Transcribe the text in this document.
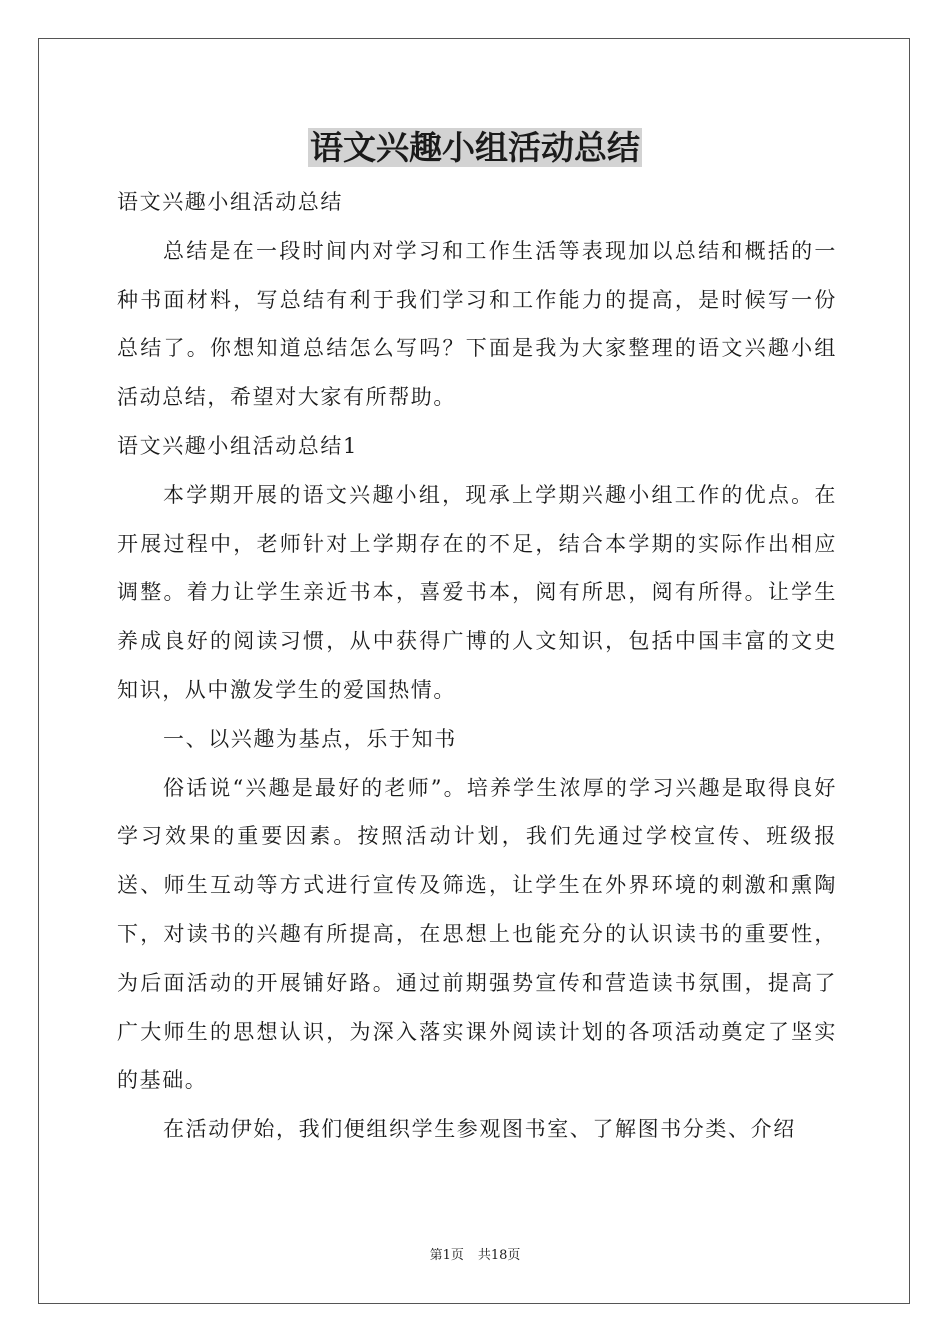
语文兴趣小组活动总结

语文兴趣小组活动总结

总结是在一段时间内对学习和工作生活等表现加以总结和概括的一种书面材料，写总结有利于我们学习和工作能力的提高，是时候写一份总结了。你想知道总结怎么写吗？下面是我为大家整理的语文兴趣小组活动总结，希望对大家有所帮助。

语文兴趣小组活动总结1

本学期开展的语文兴趣小组，现承上学期兴趣小组工作的优点。在开展过程中，老师针对上学期存在的不足，结合本学期的实际作出相应调整。着力让学生亲近书本，喜爱书本，阅有所思，阅有所得。让学生养成良好的阅读习惯，从中获得广博的人文知识，包括中国丰富的文史知识，从中激发学生的爱国热情。

一、以兴趣为基点，乐于知书

俗话说“兴趣是最好的老师”。培养学生浓厚的学习兴趣是取得良好学习效果的重要因素。按照活动计划，我们先通过学校宣传、班级报送、师生互动等方式进行宣传及筛选，让学生在外界环境的刺激和熏陶下，对读书的兴趣有所提高，在思想上也能充分的认识读书的重要性，为后面活动的开展铺好路。通过前期强势宣传和营造读书氛围，提高了广大师生的思想认识，为深入落实课外阅读计划的各项活动奠定了坚实的基础。

在活动伊始，我们便组织学生参观图书室、了解图书分类、介绍

第1页 共18页
